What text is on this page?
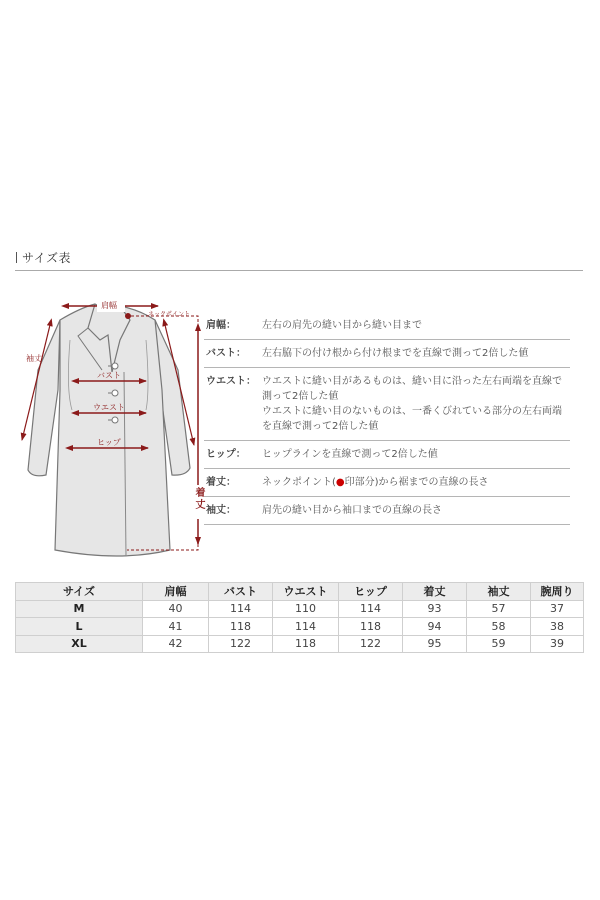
サイズ表
肩幅
ネックポイント
袖丈
バスト
ウエスト
ヒップ
着丈
肩幅：	左右の肩先の縫い目から縫い目まで
バスト：	左右脇下の付け根から付け根までを直線で測って2倍した値
ウエスト： ウエストに縫い目があるものは、縫い目に沿った左右両端を直線で
測って2倍した値
ウエストに縫い目のないものは、一番くびれている部分の左右両端
を直線で測って2倍した値
ヒップ：	ヒップラインを直線で測って2倍した値
着丈：	ネックポイント(●印部分)から裾までの直線の長さ
袖丈：	肩先の縫い目から袖口までの直線の長さ
サイズ	肩幅	バスト	ウエスト	ヒップ	着丈	袖丈	腕周り
M	40	114	110	114	93	57	37
L	41	118	114	118	94	58	38
XL	42	122	118	122	95	59	39
